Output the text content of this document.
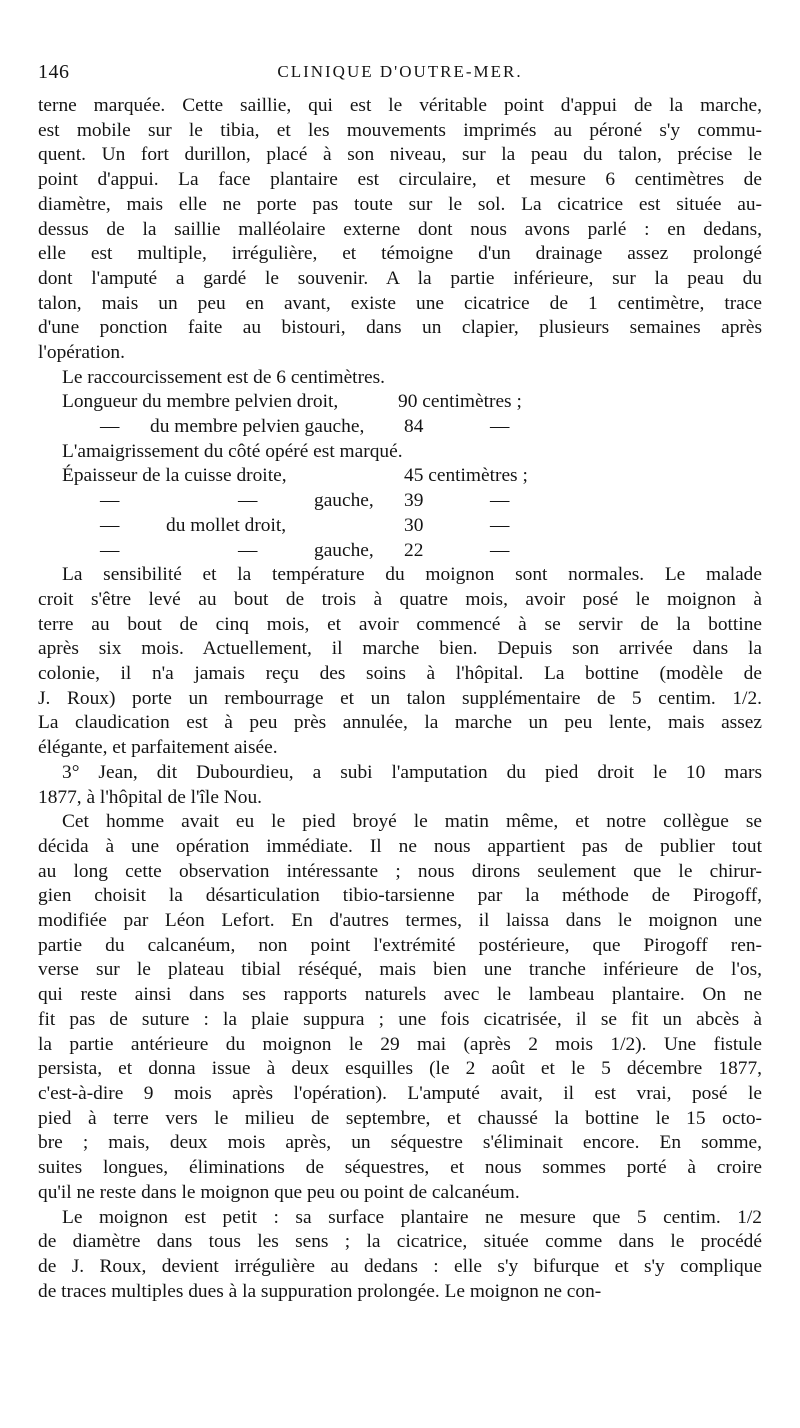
146	CLINIQUE D'OUTRE-MER.

terne marquée. Cette saillie, qui est le véritable point d'appui de la marche,
est mobile sur le tibia, et les mouvements imprimés au péroné s'y commu-
quent. Un fort durillon, placé à son niveau, sur la peau du talon, précise le
point d'appui. La face plantaire est circulaire, et mesure 6 centimètres de
diamètre, mais elle ne porte pas toute sur le sol. La cicatrice est située au-
dessus de la saillie malléolaire externe dont nous avons parlé : en dedans,
elle est multiple, irrégulière, et témoigne d'un drainage assez prolongé
dont l'amputé a gardé le souvenir. A la partie inférieure, sur la peau du
talon, mais un peu en avant, existe une cicatrice de 1 centimètre, trace
d'une ponction faite au bistouri, dans un clapier, plusieurs semaines après
l'opération.

Le raccourcissement est de 6 centimètres.
Longueur du membre pelvien droit,	90 centimètres ;
— du membre pelvien gauche, 84	—
L'amaigrissement du côté opéré est marqué.
Épaisseur de la cuisse droite,	45 centimètres ;
—	—	gauche, 39	—
— du mollet droit,	30	—
—	—	gauche, 22	—

La sensibilité et la température du moignon sont normales. Le malade
croit s'être levé au bout de trois à quatre mois, avoir posé le moignon à
terre au bout de cinq mois, et avoir commencé à se servir de la bottine
après six mois. Actuellement, il marche bien. Depuis son arrivée dans la
colonie, il n'a jamais reçu des soins à l'hôpital. La bottine (modèle de
J. Roux) porte un rembourrage et un talon supplémentaire de 5 centim. 1/2.
La claudication est à peu près annulée, la marche un peu lente, mais assez
élégante, et parfaitement aisée.

3° Jean, dit Dubourdieu, a subi l'amputation du pied droit le 10 mars
1877, à l'hôpital de l'île Nou.

Cet homme avait eu le pied broyé le matin même, et notre collègue se
décida à une opération immédiate. Il ne nous appartient pas de publier tout
au long cette observation intéressante ; nous dirons seulement que le chirur-
gien choisit la désarticulation tibio-tarsienne par la méthode de Pirogoff,
modifiée par Léon Lefort. En d'autres termes, il laissa dans le moignon une
partie du calcanéum, non point l'extrémité postérieure, que Pirogoff ren-
verse sur le plateau tibial réséqué, mais bien une tranche inférieure de l'os,
qui reste ainsi dans ses rapports naturels avec le lambeau plantaire. On ne
fit pas de suture : la plaie suppura ; une fois cicatrisée, il se fit un abcès à
la partie antérieure du moignon le 29 mai (après 2 mois 1/2). Une fistule
persista, et donna issue à deux esquilles (le 2 août et le 5 décembre 1877,
c'est-à-dire 9 mois après l'opération). L'amputé avait, il est vrai, posé le
pied à terre vers le milieu de septembre, et chaussé la bottine le 15 octo-
bre ; mais, deux mois après, un séquestre s'éliminait encore. En somme,
suites longues, éliminations de séquestres, et nous sommes porté à croire
qu'il ne reste dans le moignon que peu ou point de calcanéum.

Le moignon est petit : sa surface plantaire ne mesure que 5 centim. 1/2
de diamètre dans tous les sens ; la cicatrice, située comme dans le procédé
de J. Roux, devient irrégulière au dedans : elle s'y bifurque et s'y complique
de traces multiples dues à la suppuration prolongée. Le moignon ne con-
